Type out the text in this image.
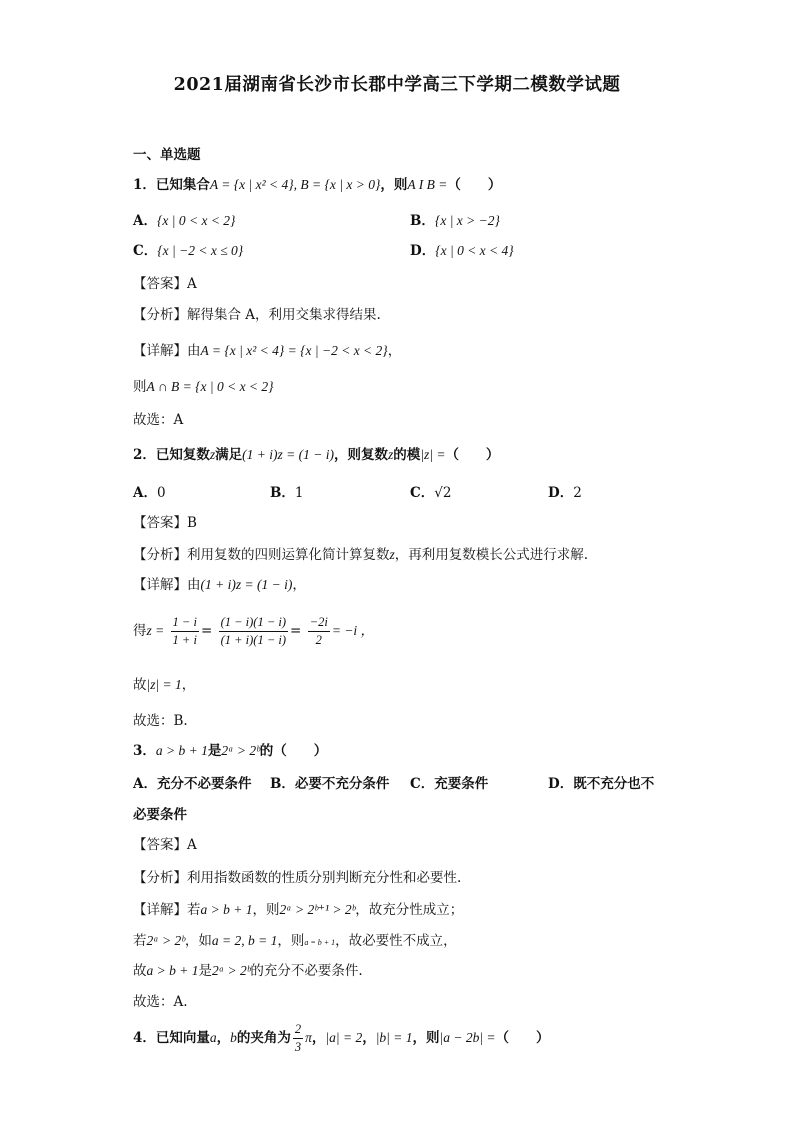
2021届湖南省长沙市长郡中学高三下学期二模数学试题
一、单选题
1．已知集合A = {x | x² < 4}, B = {x | x > 0}，则A I B =（　　）
A．{x | 0 < x < 2}	B．{x | x > −2}
C．{x | −2 < x ≤ 0}	D．{x | 0 < x < 4}
【答案】A
【分析】解得集合 A，利用交集求得结果.
【详解】由A = {x | x² < 4} = {x | −2 < x < 2}，
则A ∩ B = {x | 0 < x < 2}
故选：A
2．已知复数z满足(1 + i)z = (1 − i)，则复数z的模|z| =（　　）
A．0	B．1	C．√2	D．2
【答案】B
【分析】利用复数的四则运算化简计算复数z，再利用复数模长公式进行求解.
【详解】由(1 + i)z = (1 − i)，
得$z = \frac{1 - i}{1 + i} = \frac{(1 - i)(1 - i)}{(1 + i)(1 - i)} = \frac{-2i}{2} = -i$ ，
故|z| = 1，
故选：B.
3．a > b + 1是2ᵃ > 2ᵇ的（　　）
A．充分不必要条件 B．必要不充分条件 C．充要条件	D．既不充分也不
必要条件
【答案】A
【分析】利用指数函数的性质分别判断充分性和必要性.
【详解】若a > b + 1，则2ᵃ > 2ᵇ⁺¹ > 2ᵇ，故充分性成立；
若2ᵃ > 2ᵇ，如a = 2, b = 1，则a = b + 1，故必要性不成立，
故a > b + 1是2ᵃ > 2ᵇ的充分不必要条件.
故选：A.
4．已知向量a，b的夹角为 $\frac{2}{3}$ π，|a| = 2，|b| = 1，则|a − 2b| =（　　）
